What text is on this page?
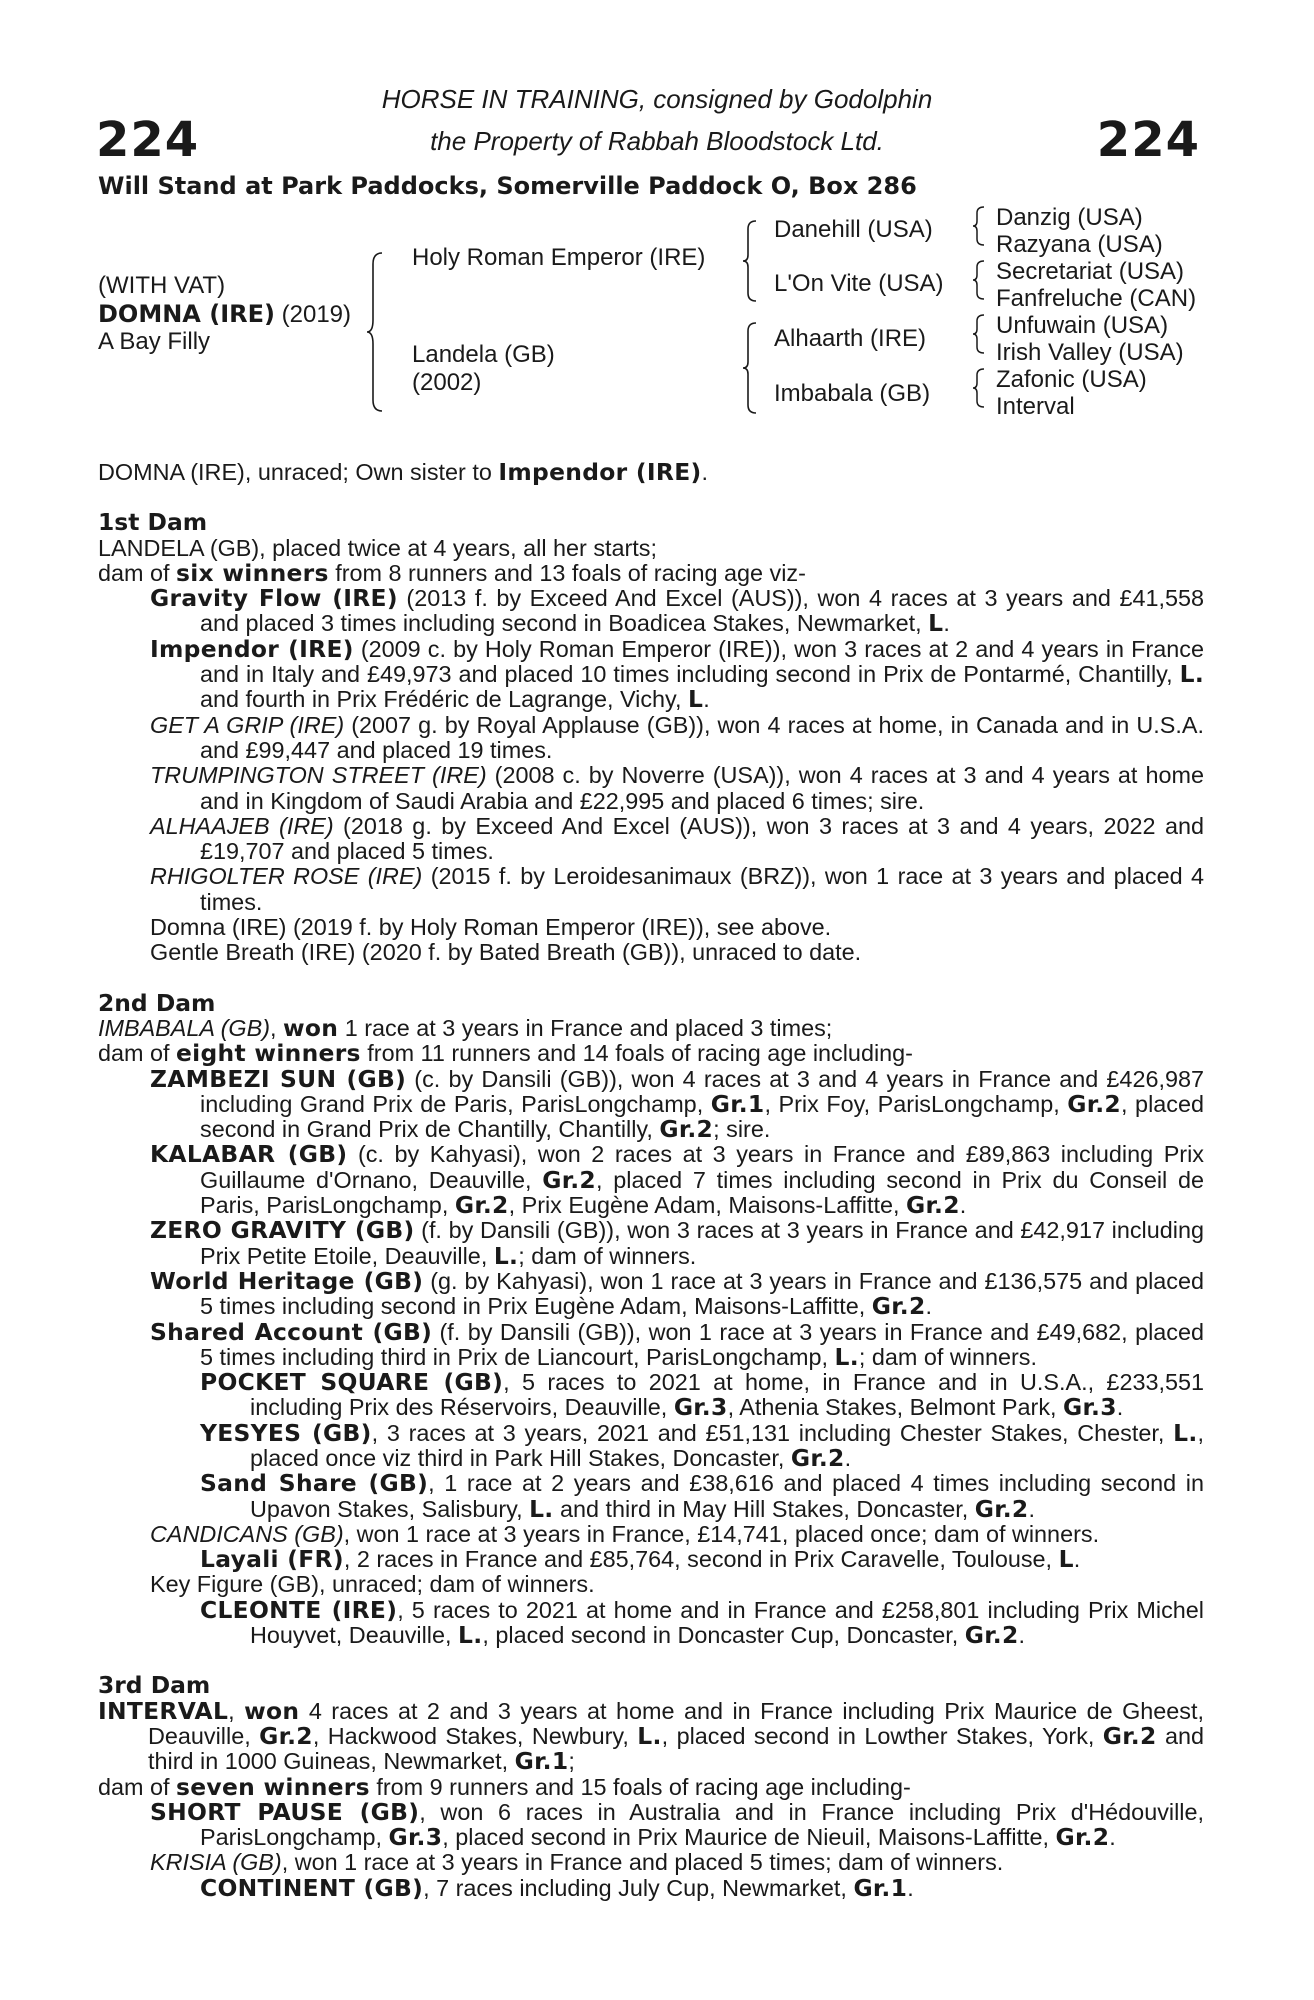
224	224
HORSE IN TRAINING, consigned by Godolphin
the Property of Rabbah Bloodstock Ltd.
Will Stand at Park Paddocks, Somerville Paddock O, Box 286
(WITH VAT)
DOMNA (IRE) (2019)
A Bay Filly
Holy Roman Emperor (IRE)
Landela (GB)
(2002)
Danehill (USA)
L'On Vite (USA)
Alhaarth (IRE)
Imbabala (GB)
Danzig (USA)
Razyana (USA)
Secretariat (USA)
Fanfreluche (CAN)
Unfuwain (USA)
Irish Valley (USA)
Zafonic (USA)
Interval

DOMNA (IRE), unraced; Own sister to Impendor (IRE).

1st Dam

LANDELA (GB), placed twice at 4 years, all her starts;

dam of six winners from 8 runners and 13 foals of racing age viz-

Gravity Flow (IRE) (2013 f. by Exceed And Excel (AUS)), won 4 races at 3 years and £41,558 and placed 3 times including second in Boadicea Stakes, Newmarket, L.

Impendor (IRE) (2009 c. by Holy Roman Emperor (IRE)), won 3 races at 2 and 4 years in France and in Italy and £49,973 and placed 10 times including second in Prix de Pontarmé, Chantilly, L. and fourth in Prix Frédéric de Lagrange, Vichy, L.

GET A GRIP (IRE) (2007 g. by Royal Applause (GB)), won 4 races at home, in Canada and in U.S.A. and £99,447 and placed 19 times.

TRUMPINGTON STREET (IRE) (2008 c. by Noverre (USA)), won 4 races at 3 and 4 years at home and in Kingdom of Saudi Arabia and £22,995 and placed 6 times; sire.

ALHAAJEB (IRE) (2018 g. by Exceed And Excel (AUS)), won 3 races at 3 and 4 years, 2022 and £19,707 and placed 5 times.

RHIGOLTER ROSE (IRE) (2015 f. by Leroidesanimaux (BRZ)), won 1 race at 3 years and placed 4 times.

Domna (IRE) (2019 f. by Holy Roman Emperor (IRE)), see above.

Gentle Breath (IRE) (2020 f. by Bated Breath (GB)), unraced to date.

2nd Dam

IMBABALA (GB), won 1 race at 3 years in France and placed 3 times;

dam of eight winners from 11 runners and 14 foals of racing age including-

ZAMBEZI SUN (GB) (c. by Dansili (GB)), won 4 races at 3 and 4 years in France and £426,987 including Grand Prix de Paris, ParisLongchamp, Gr.1, Prix Foy, ParisLongchamp, Gr.2, placed second in Grand Prix de Chantilly, Chantilly, Gr.2; sire.

KALABAR (GB) (c. by Kahyasi), won 2 races at 3 years in France and £89,863 including Prix Guillaume d'Ornano, Deauville, Gr.2, placed 7 times including second in Prix du Conseil de Paris, ParisLongchamp, Gr.2, Prix Eugène Adam, Maisons-Laffitte, Gr.2.

ZERO GRAVITY (GB) (f. by Dansili (GB)), won 3 races at 3 years in France and £42,917 including Prix Petite Etoile, Deauville, L.; dam of winners.

World Heritage (GB) (g. by Kahyasi), won 1 race at 3 years in France and £136,575 and placed 5 times including second in Prix Eugène Adam, Maisons-Laffitte, Gr.2.

Shared Account (GB) (f. by Dansili (GB)), won 1 race at 3 years in France and £49,682, placed 5 times including third in Prix de Liancourt, ParisLongchamp, L.; dam of winners.

POCKET SQUARE (GB), 5 races to 2021 at home, in France and in U.S.A., £233,551 including Prix des Réservoirs, Deauville, Gr.3, Athenia Stakes, Belmont Park, Gr.3.

YESYES (GB), 3 races at 3 years, 2021 and £51,131 including Chester Stakes, Chester, L., placed once viz third in Park Hill Stakes, Doncaster, Gr.2.

Sand Share (GB), 1 race at 2 years and £38,616 and placed 4 times including second in Upavon Stakes, Salisbury, L. and third in May Hill Stakes, Doncaster, Gr.2.

CANDICANS (GB), won 1 race at 3 years in France, £14,741, placed once; dam of winners.

Layali (FR), 2 races in France and £85,764, second in Prix Caravelle, Toulouse, L.

Key Figure (GB), unraced; dam of winners.

CLEONTE (IRE), 5 races to 2021 at home and in France and £258,801 including Prix Michel Houyvet, Deauville, L., placed second in Doncaster Cup, Doncaster, Gr.2.

3rd Dam

INTERVAL, won 4 races at 2 and 3 years at home and in France including Prix Maurice de Gheest, Deauville, Gr.2, Hackwood Stakes, Newbury, L., placed second in Lowther Stakes, York, Gr.2 and third in 1000 Guineas, Newmarket, Gr.1;

dam of seven winners from 9 runners and 15 foals of racing age including-

SHORT PAUSE (GB), won 6 races in Australia and in France including Prix d'Hédouville, ParisLongchamp, Gr.3, placed second in Prix Maurice de Nieuil, Maisons-Laffitte, Gr.2.

KRISIA (GB), won 1 race at 3 years in France and placed 5 times; dam of winners.

CONTINENT (GB), 7 races including July Cup, Newmarket, Gr.1.
